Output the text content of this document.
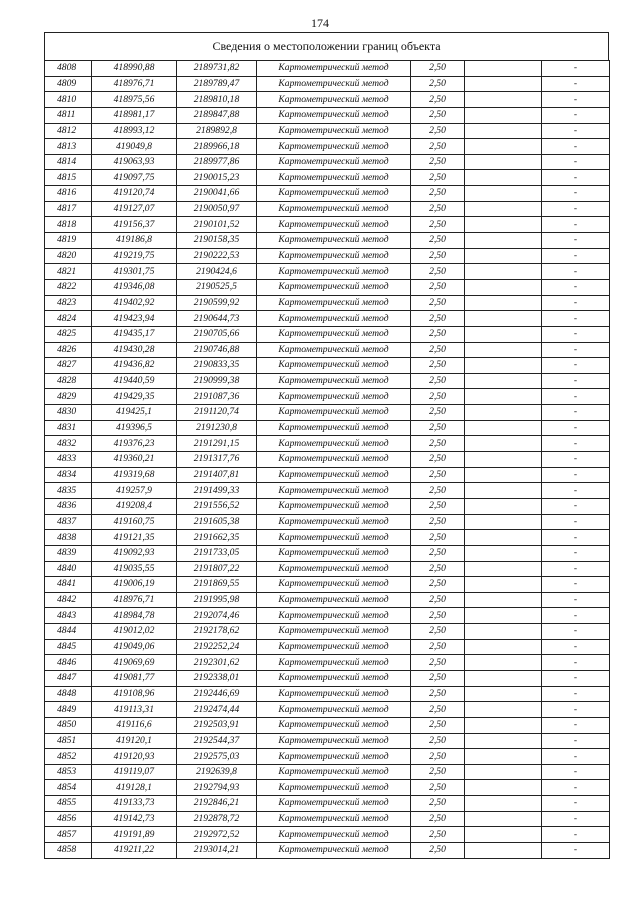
174
Сведения о местоположении границ объекта
4808	418990,88	2189731,82	Картометрический метод	2,50		-
4809	418976,71	2189789,47	Картометрический метод	2,50		-
4810	418975,56	2189810,18	Картометрический метод	2,50		-
4811	418981,17	2189847,88	Картометрический метод	2,50		-
4812	418993,12	2189892,8	Картометрический метод	2,50		-
4813	419049,8	2189966,18	Картометрический метод	2,50		-
4814	419063,93	2189977,86	Картометрический метод	2,50		-
4815	419097,75	2190015,23	Картометрический метод	2,50		-
4816	419120,74	2190041,66	Картометрический метод	2,50		-
4817	419127,07	2190050,97	Картометрический метод	2,50		-
4818	419156,37	2190101,52	Картометрический метод	2,50		-
4819	419186,8	2190158,35	Картометрический метод	2,50		-
4820	419219,75	2190222,53	Картометрический метод	2,50		-
4821	419301,75	2190424,6	Картометрический метод	2,50		-
4822	419346,08	2190525,5	Картометрический метод	2,50		-
4823	419402,92	2190599,92	Картометрический метод	2,50		-
4824	419423,94	2190644,73	Картометрический метод	2,50		-
4825	419435,17	2190705,66	Картометрический метод	2,50		-
4826	419430,28	2190746,88	Картометрический метод	2,50		-
4827	419436,82	2190833,35	Картометрический метод	2,50		-
4828	419440,59	2190999,38	Картометрический метод	2,50		-
4829	419429,35	2191087,36	Картометрический метод	2,50		-
4830	419425,1	2191120,74	Картометрический метод	2,50		-
4831	419396,5	2191230,8	Картометрический метод	2,50		-
4832	419376,23	2191291,15	Картометрический метод	2,50		-
4833	419360,21	2191317,76	Картометрический метод	2,50		-
4834	419319,68	2191407,81	Картометрический метод	2,50		-
4835	419257,9	2191499,33	Картометрический метод	2,50		-
4836	419208,4	2191556,52	Картометрический метод	2,50		-
4837	419160,75	2191605,38	Картометрический метод	2,50		-
4838	419121,35	2191662,35	Картометрический метод	2,50		-
4839	419092,93	2191733,05	Картометрический метод	2,50		-
4840	419035,55	2191807,22	Картометрический метод	2,50		-
4841	419006,19	2191869,55	Картометрический метод	2,50		-
4842	418976,71	2191995,98	Картометрический метод	2,50		-
4843	418984,78	2192074,46	Картометрический метод	2,50		-
4844	419012,02	2192178,62	Картометрический метод	2,50		-
4845	419049,06	2192252,24	Картометрический метод	2,50		-
4846	419069,69	2192301,62	Картометрический метод	2,50		-
4847	419081,77	2192338,01	Картометрический метод	2,50		-
4848	419108,96	2192446,69	Картометрический метод	2,50		-
4849	419113,31	2192474,44	Картометрический метод	2,50		-
4850	419116,6	2192503,91	Картометрический метод	2,50		-
4851	419120,1	2192544,37	Картометрический метод	2,50		-
4852	419120,93	2192575,03	Картометрический метод	2,50		-
4853	419119,07	2192639,8	Картометрический метод	2,50		-
4854	419128,1	2192794,93	Картометрический метод	2,50		-
4855	419133,73	2192846,21	Картометрический метод	2,50		-
4856	419142,73	2192878,72	Картометрический метод	2,50		-
4857	419191,89	2192972,52	Картометрический метод	2,50		-
4858	419211,22	2193014,21	Картометрический метод	2,50		-
